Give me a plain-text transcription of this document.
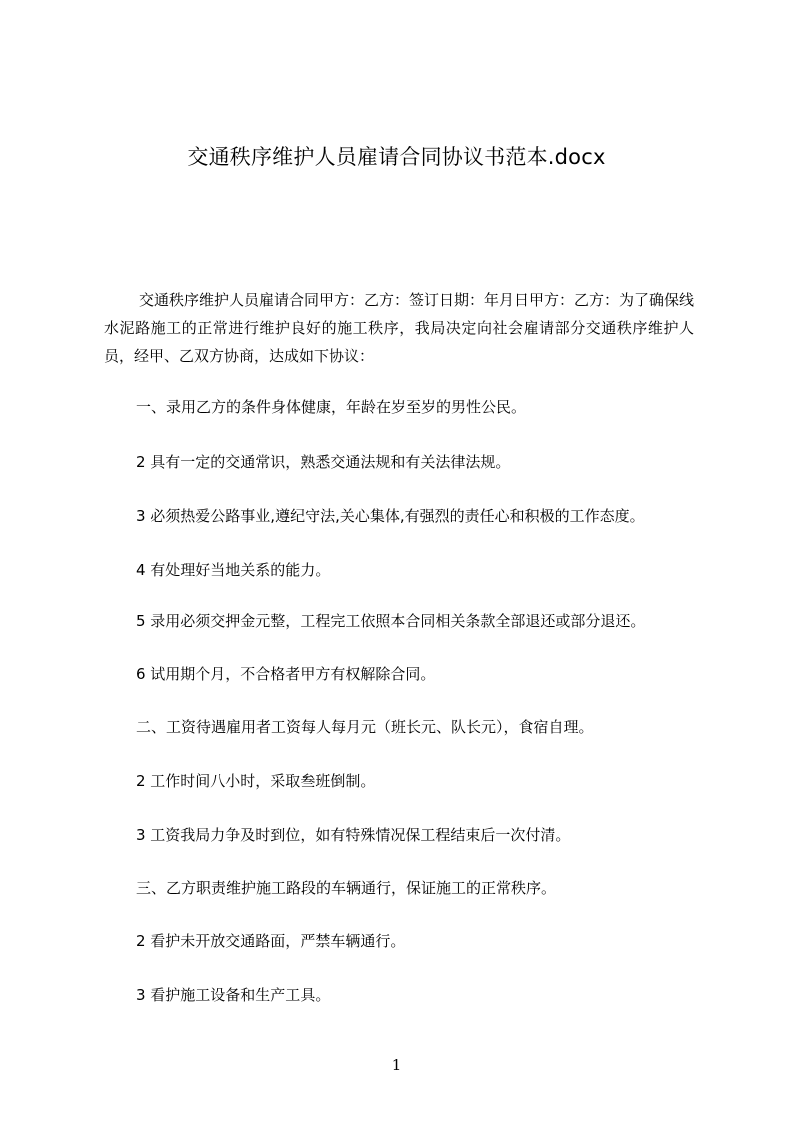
交通秩序维护人员雇请合同协议书范本.docx
交通秩序维护人员雇请合同甲方：乙方：签订日期：年月日甲方：乙方：为了确保线水泥路施工的正常进行维护良好的施工秩序，我局决定向社会雇请部分交通秩序维护人员，经甲、乙双方协商，达成如下协议：
一、录用乙方的条件身体健康，年龄在岁至岁的男性公民。
2 具有一定的交通常识，熟悉交通法规和有关法律法规。
3 必须热爱公路事业,遵纪守法,关心集体,有强烈的责任心和积极的工作态度。
4 有处理好当地关系的能力。
5 录用必须交押金元整，工程完工依照本合同相关条款全部退还或部分退还。
6 试用期个月，不合格者甲方有权解除合同。
二、工资待遇雇用者工资每人每月元（班长元、队长元），食宿自理。
2 工作时间八小时，采取叁班倒制。
3 工资我局力争及时到位，如有特殊情况保工程结束后一次付清。
三、乙方职责维护施工路段的车辆通行，保证施工的正常秩序。
2 看护未开放交通路面，严禁车辆通行。
3 看护施工设备和生产工具。
1
